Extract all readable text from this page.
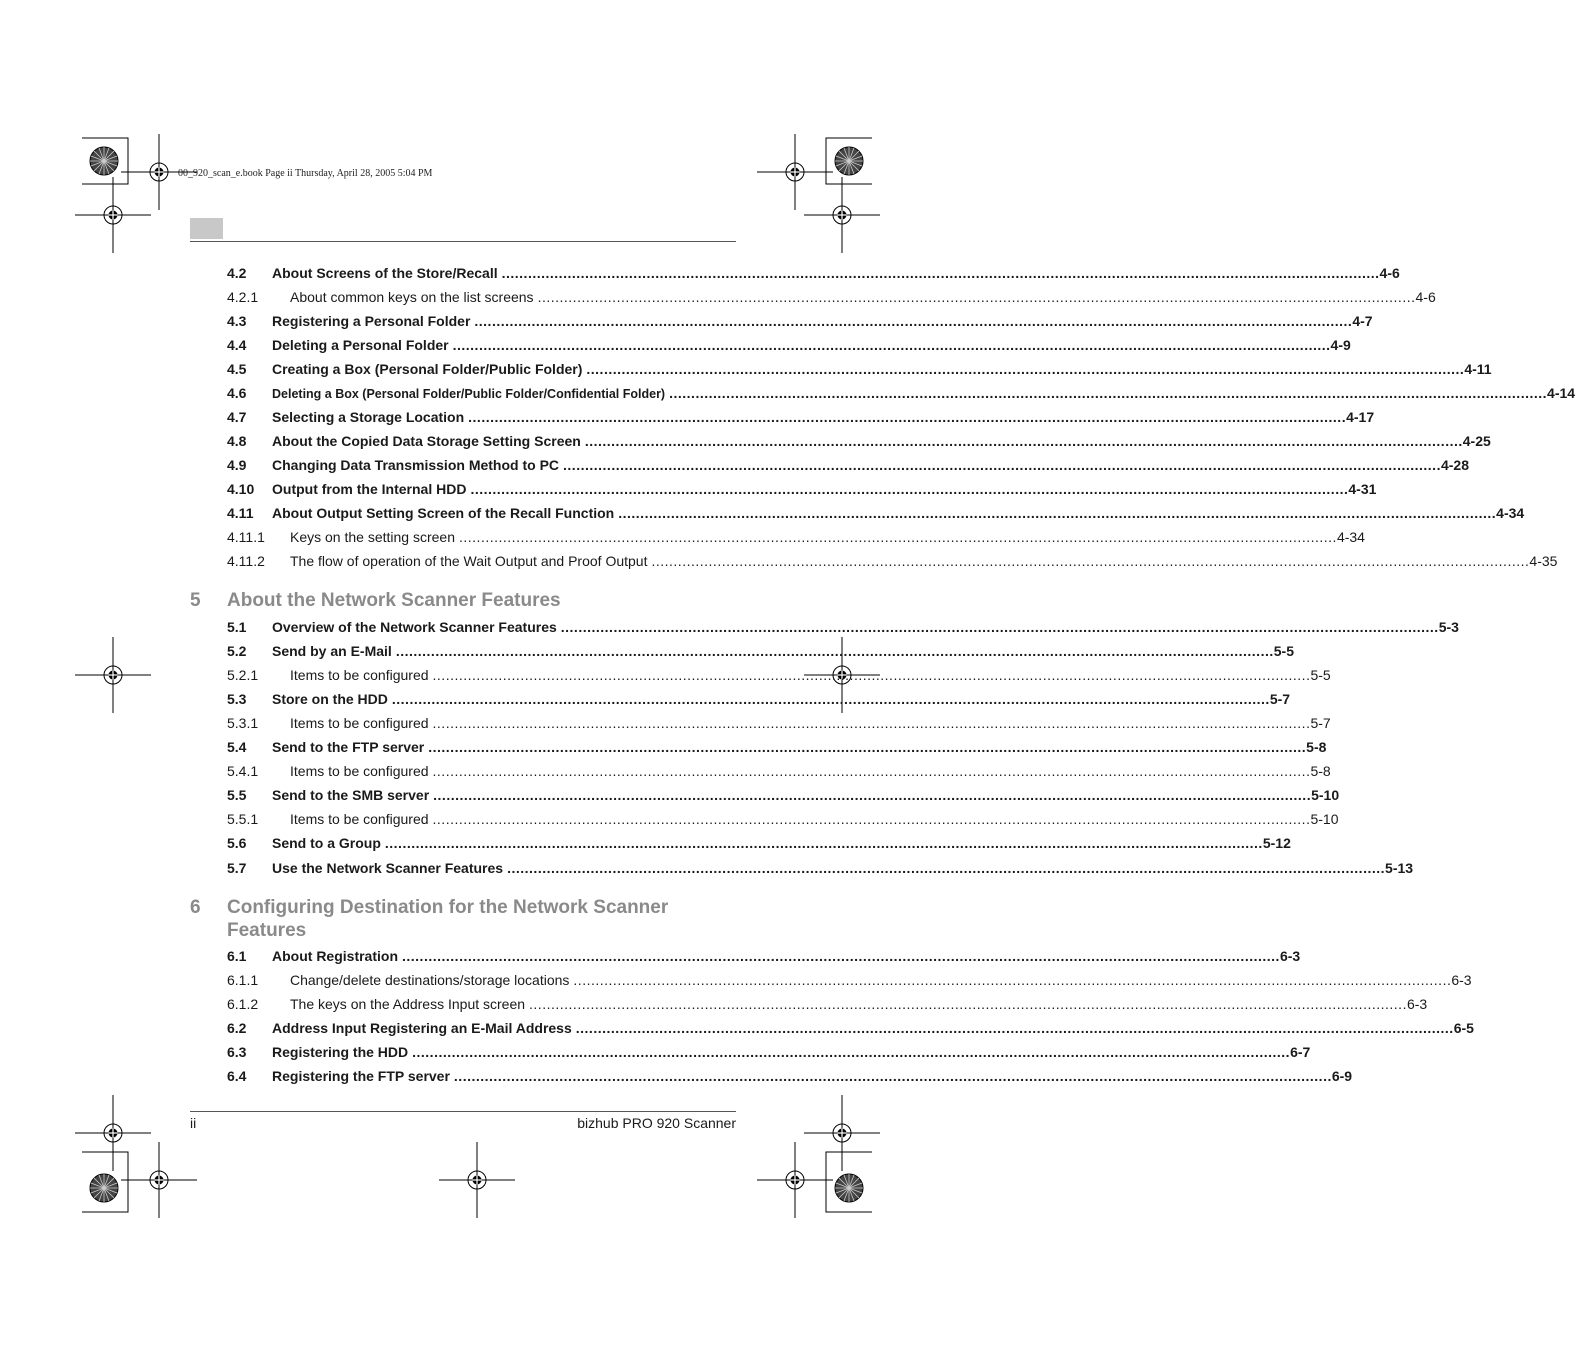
00_920_scan_e.book Page ii Thursday, April 28, 2005 5:04 PM
4.2	About Screens of the Store/Recall ........................................................................................................................................................................................................ 4-6
4.2.1	About common keys on the list screens ........................................................................................................................................................................................................ 4-6
4.3	Registering a Personal Folder ........................................................................................................................................................................................................ 4-7
4.4	Deleting a Personal Folder ........................................................................................................................................................................................................ 4-9
4.5	Creating a Box (Personal Folder/Public Folder) ........................................................................................................................................................................................................ 4-11
4.6	Deleting a Box (Personal Folder/Public Folder/Confidential Folder) ........................................................................................................................................................................................................ 4-14
4.7	Selecting a Storage Location ........................................................................................................................................................................................................ 4-17
4.8	About the Copied Data Storage Setting Screen ........................................................................................................................................................................................................ 4-25
4.9	Changing Data Transmission Method to PC ........................................................................................................................................................................................................ 4-28
4.10	Output from the Internal HDD ........................................................................................................................................................................................................ 4-31
4.11	About Output Setting Screen of the Recall Function ........................................................................................................................................................................................................ 4-34
4.11.1	Keys on the setting screen ........................................................................................................................................................................................................ 4-34
4.11.2	The flow of operation of the Wait Output and Proof Output ........................................................................................................................................................................................................ 4-35
5 About the Network Scanner Features
5.1	Overview of the Network Scanner Features ........................................................................................................................................................................................................ 5-3
5.2	Send by an E-Mail ........................................................................................................................................................................................................ 5-5
5.2.1	Items to be configured ........................................................................................................................................................................................................ 5-5
5.3	Store on the HDD ........................................................................................................................................................................................................ 5-7
5.3.1	Items to be configured ........................................................................................................................................................................................................ 5-7
5.4	Send to the FTP server ........................................................................................................................................................................................................ 5-8
5.4.1	Items to be configured ........................................................................................................................................................................................................ 5-8
5.5	Send to the SMB server ........................................................................................................................................................................................................ 5-10
5.5.1	Items to be configured ........................................................................................................................................................................................................ 5-10
5.6	Send to a Group ........................................................................................................................................................................................................ 5-12
5.7	Use the Network Scanner Features ........................................................................................................................................................................................................ 5-13
6 Configuring Destination for the Network Scanner Features
6.1	About Registration ........................................................................................................................................................................................................ 6-3
6.1.1	Change/delete destinations/storage locations ........................................................................................................................................................................................................ 6-3
6.1.2	The keys on the Address Input screen ........................................................................................................................................................................................................ 6-3
6.2	Address Input Registering an E-Mail Address ........................................................................................................................................................................................................ 6-5
6.3	Registering the HDD ........................................................................................................................................................................................................ 6-7
6.4	Registering the FTP server ........................................................................................................................................................................................................ 6-9
ii	bizhub PRO 920 Scanner
